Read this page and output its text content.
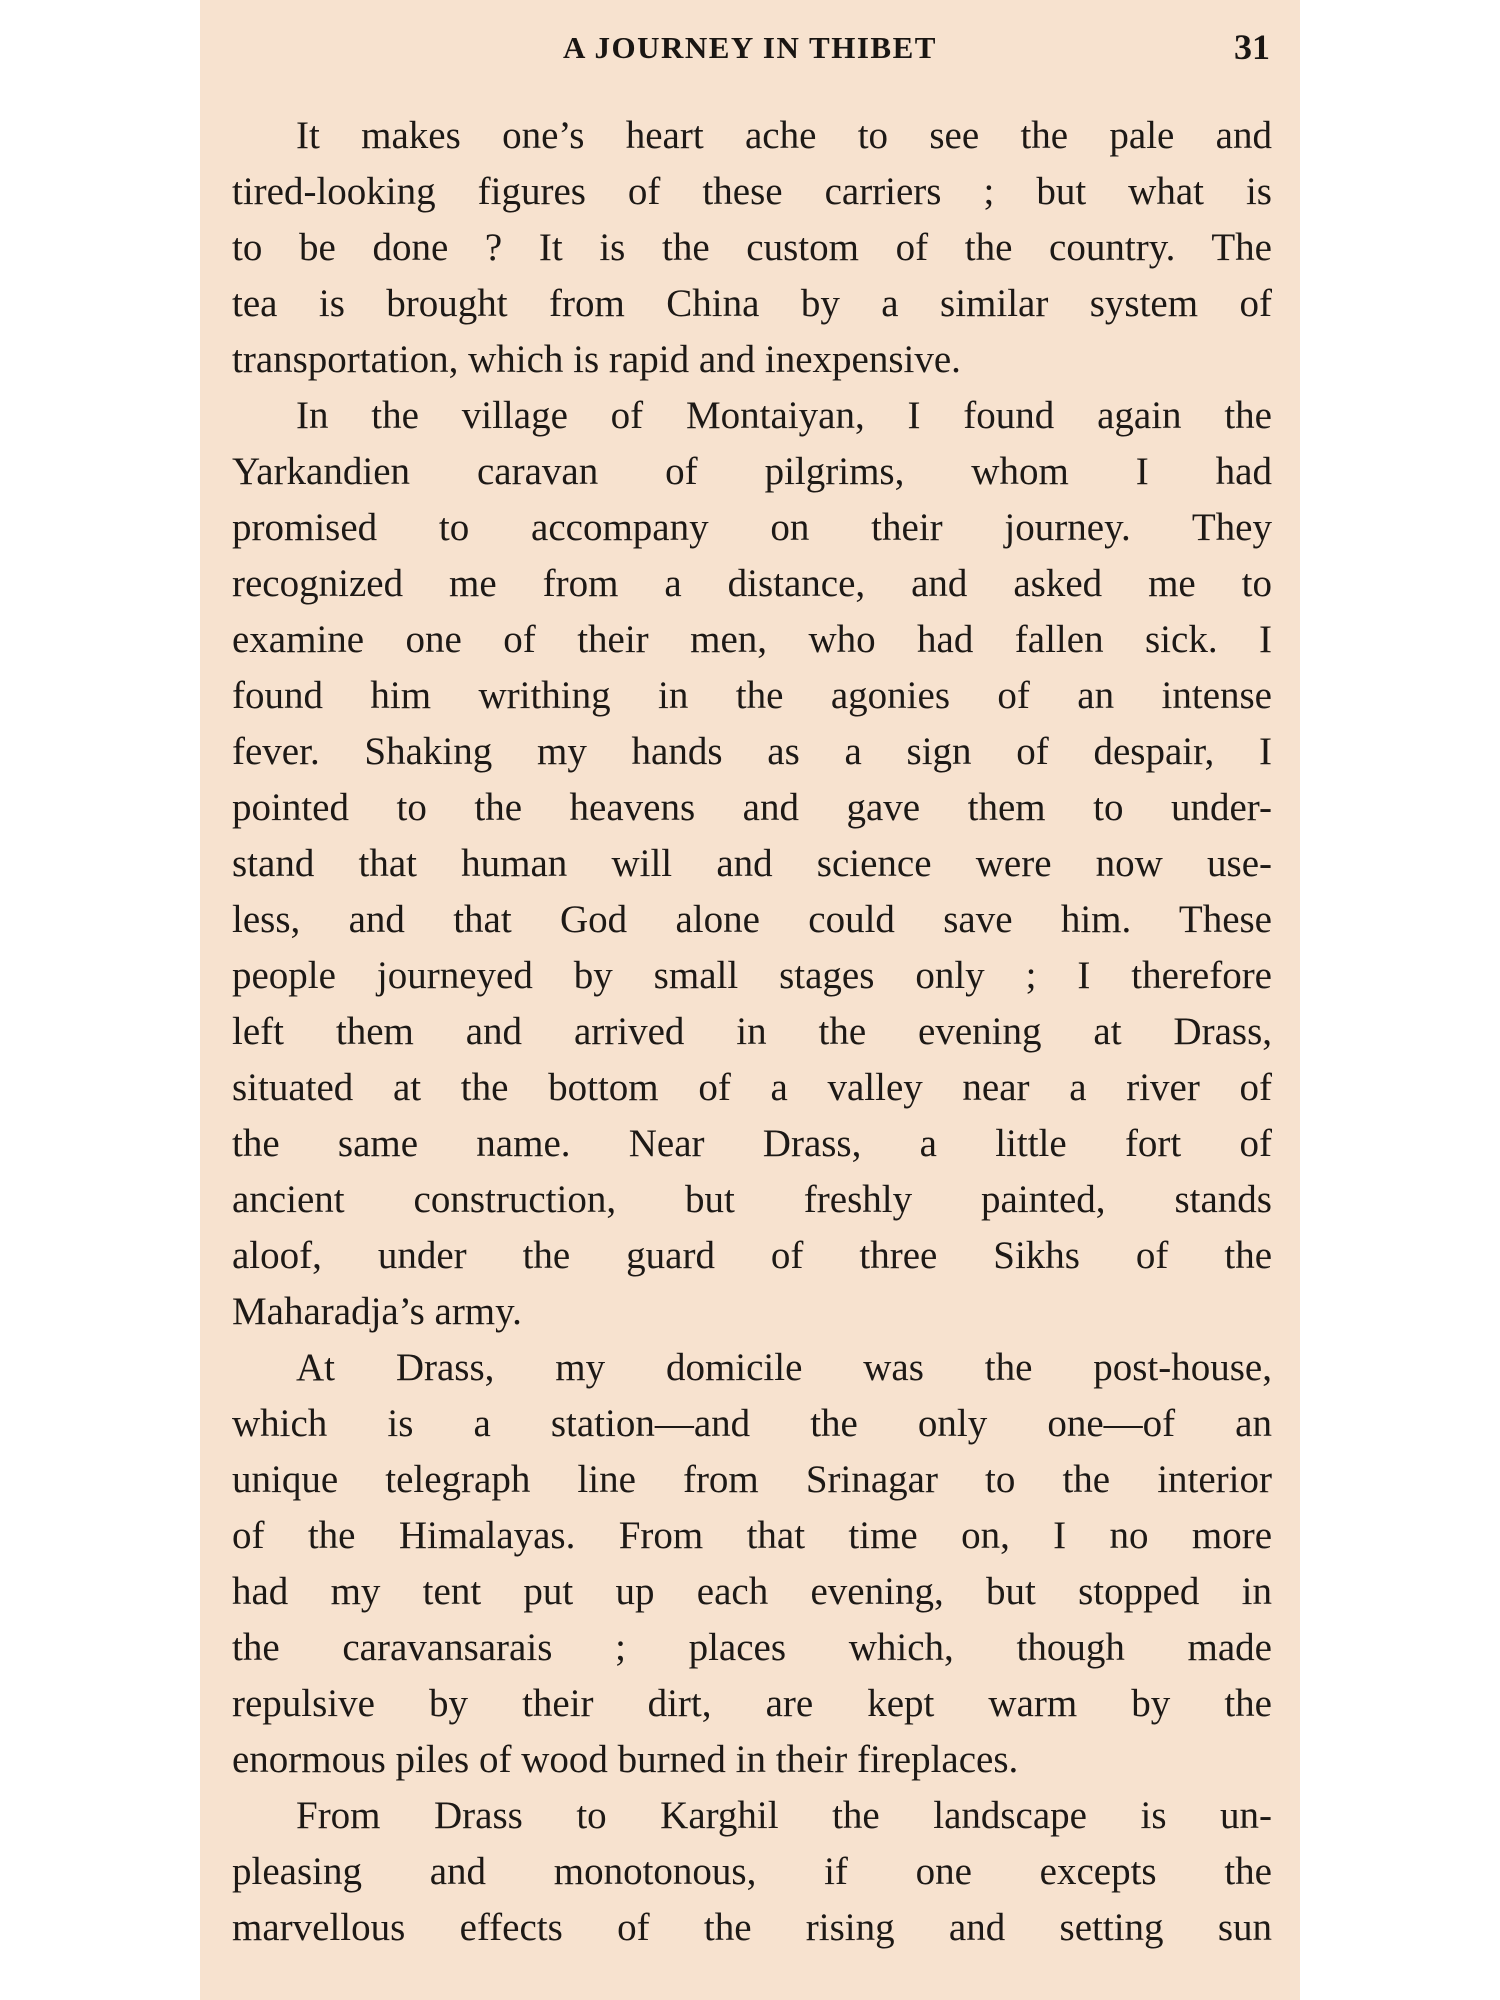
A JOURNEY IN THIBET	31
It makes one’s heart ache to see the pale and
tired-looking figures of these carriers ; but what is
to be done ? It is the custom of the country. The
tea is brought from China by a similar system of
transportation, which is rapid and inexpensive.
In the village of Montaiyan, I found again the
Yarkandien caravan of pilgrims, whom I had
promised to accompany on their journey. They
recognized me from a distance, and asked me to
examine one of their men, who had fallen sick. I
found him writhing in the agonies of an intense
fever. Shaking my hands as a sign of despair, I
pointed to the heavens and gave them to under-
stand that human will and science were now use-
less, and that God alone could save him. These
people journeyed by small stages only ; I therefore
left them and arrived in the evening at Drass,
situated at the bottom of a valley near a river of
the same name. Near Drass, a little fort of
ancient construction, but freshly painted, stands
aloof, under the guard of three Sikhs of the
Maharadja’s army.
At Drass, my domicile was the post-house,
which is a station—and the only one—of an
unique telegraph line from Srinagar to the interior
of the Himalayas. From that time on, I no more
had my tent put up each evening, but stopped in
the caravansarais ; places which, though made
repulsive by their dirt, are kept warm by the
enormous piles of wood burned in their fireplaces.
From Drass to Karghil the landscape is un-
pleasing and monotonous, if one excepts the
marvellous effects of the rising and setting sun
